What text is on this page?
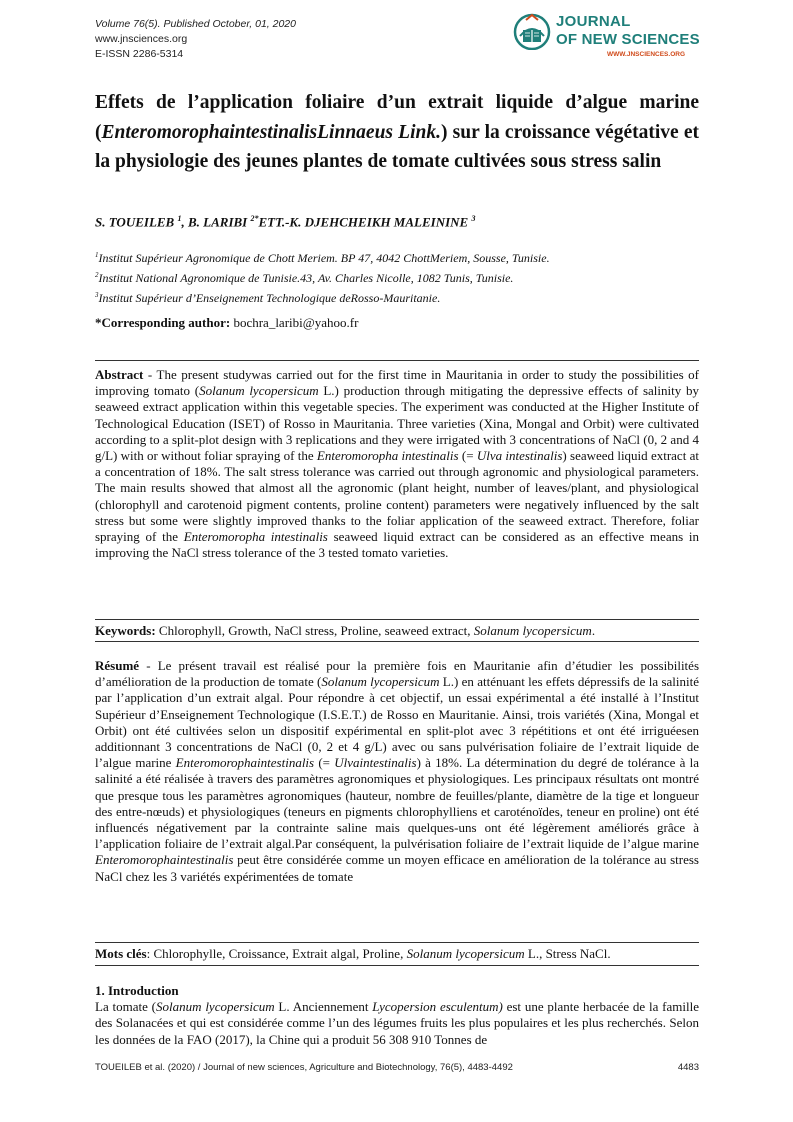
Volume 76(5). Published October, 01, 2020
www.jnsciences.org
E-ISSN 2286-5314
JOURNAL
OF NEW SCIENCES
WWW.JNSCIENCES.ORG
Effets de l’application foliaire d’un extrait liquide d’algue marine (EnteromorophaintestinalisLinnaeus Link.) sur la croissance végétative et la physiologie des jeunes plantes de tomate cultivées sous stress salin
S. TOUEILEB $^1$, B. LARIBI $^{2*}$ETT.-K. DJEHCHEIKH MALEININE $^3$
$^1$Institut Supérieur Agronomique de Chott Meriem. BP 47, 4042 ChottMeriem, Sousse, Tunisie.
$^2$Institut National Agronomique de Tunisie.43, Av. Charles Nicolle, 1082 Tunis, Tunisie.
$^3$Institut Supérieur d’Enseignement Technologique deRosso-Mauritanie.
*Corresponding author: bochra_laribi@yahoo.fr
Abstract - The present studywas carried out for the first time in Mauritania in order to study the possibilities of improving tomato (Solanum lycopersicum L.) production through mitigating the depressive effects of salinity by seaweed extract application within this vegetable species. The experiment was conducted at the Higher Institute of Technological Education (ISET) of Rosso in Mauritania. Three varieties (Xina, Mongal and Orbit) were cultivated according to a split-plot design with 3 replications and they were irrigated with 3 concentrations of NaCl (0, 2 and 4 g/L) with or without foliar spraying of the Enteromoropha intestinalis (= Ulva intestinalis) seaweed liquid extract at a concentration of 18%. The salt stress tolerance was carried out through agronomic and physiological parameters. The main results showed that almost all the agronomic (plant height, number of leaves/plant, and physiological (chlorophyll and carotenoid pigment contents, proline content) parameters were negatively influenced by the salt stress but some were slightly improved thanks to the foliar application of the seaweed extract. Therefore, foliar spraying of the Enteromoropha intestinalis seaweed liquid extract can be considered as an effective means in improving the NaCl stress tolerance of the 3 tested tomato varieties.
Keywords: Chlorophyll, Growth, NaCl stress, Proline, seaweed extract, Solanum lycopersicum.
Résumé - Le présent travail est réalisé pour la première fois en Mauritanie afin d’étudier les possibilités d’amélioration de la production de tomate (Solanum lycopersicum L.) en atténuant les effets dépressifs de la salinité par l’application d’un extrait algal. Pour répondre à cet objectif, un essai expérimental a été installé à l’Institut Supérieur d’Enseignement Technologique (I.S.E.T.) de Rosso en Mauritanie. Ainsi, trois variétés (Xina, Mongal et Orbit) ont été cultivées selon un dispositif expérimental en split-plot avec 3 répétitions et ont été irriguéesen additionnant 3 concentrations de NaCl (0, 2 et 4 g/L) avec ou sans pulvérisation foliaire de l’extrait liquide de l’algue marine Enteromorophaintestinalis (= Ulvaintestinalis) à 18%. La détermination du degré de tolérance à la salinité a été réalisée à travers des paramètres agronomiques et physiologiques. Les principaux résultats ont montré que presque tous les paramètres agronomiques (hauteur, nombre de feuilles/plante, diamètre de la tige et longueur des entre-nœuds) et physiologiques (teneurs en pigments chlorophylliens et caroténoïdes, teneur en proline) ont été influencés négativement par la contrainte saline mais quelques-uns ont été légèrement améliorés grâce à l’application foliaire de l’extrait algal.Par conséquent, la pulvérisation foliaire de l’extrait liquide de l’algue marine Enteromorophaintestinalis peut être considérée comme un moyen efficace en amélioration de la tolérance au stress NaCl chez les 3 variétés expérimentées de tomate
Mots clés: Chlorophylle, Croissance, Extrait algal, Proline, Solanum lycopersicum L., Stress NaCl.
1. Introduction
La tomate (Solanum lycopersicum L. Anciennement Lycopersion esculentum) est une plante herbacée de la famille des Solanacées et qui est considérée comme l’un des légumes fruits les plus populaires et les plus recherchés. Selon les données de la FAO (2017), la Chine qui a produit 56 308 910 Tonnes de
TOUEILEB et al. (2020) / Journal of new sciences, Agriculture and Biotechnology, 76(5), 4483-4492	4483
